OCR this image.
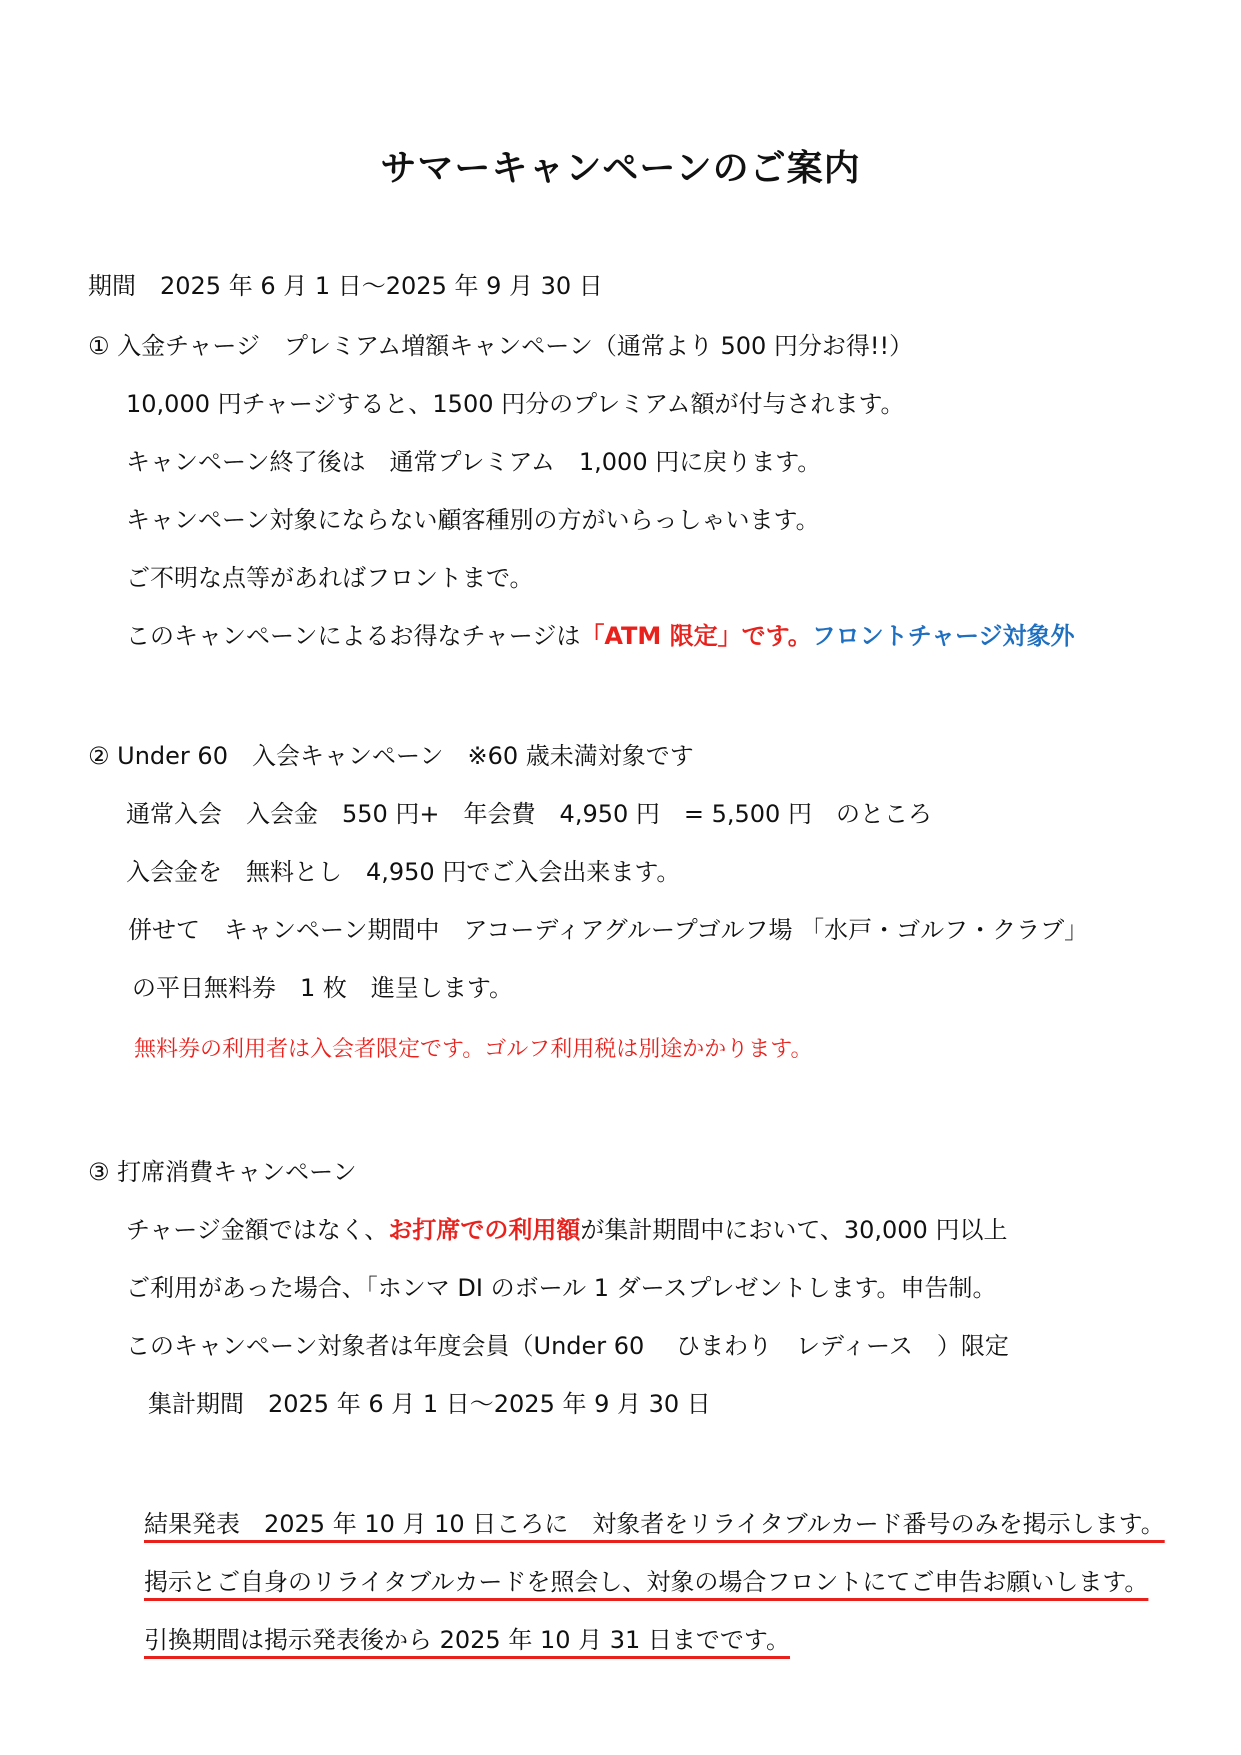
サマーキャンペーンのご案内
期間　2025 年 6 月 1 日～2025 年 9 月 30 日
① 入金チャージ　プレミアム増額キャンペーン（通常より 500 円分お得!!）
10,000 円チャージすると、1500 円分のプレミアム額が付与されます。
キャンペーン終了後は　通常プレミアム　1,000 円に戻ります。
キャンペーン対象にならない顧客種別の方がいらっしゃいます。
ご不明な点等があればフロントまで。
このキャンペーンによるお得なチャージは「ATM 限定」です。フロントチャージ対象外
② Under 60　入会キャンペーン　※60 歳未満対象です
通常入会　入会金　550 円+　年会費　4,950 円　= 5,500 円　のところ
入会金を　無料とし　4,950 円でご入会出来ます。
併せて　キャンペーン期間中　アコーディアグループゴルフ場 「水戸・ゴルフ・クラブ」
の平日無料券　1 枚　進呈します。
無料券の利用者は入会者限定です。ゴルフ利用税は別途かかります。
③ 打席消費キャンペーン
チャージ金額ではなく、お打席での利用額が集計期間中において、30,000 円以上
ご利用があった場合、「ホンマ DI のボール 1 ダースプレゼントします。申告制。
このキャンペーン対象者は年度会員（Under 60　 ひまわり　レディース　）限定
集計期間　2025 年 6 月 1 日～2025 年 9 月 30 日
結果発表　2025 年 10 月 10 日ころに　対象者をリライタブルカード番号のみを掲示します。
掲示とご自身のリライタブルカードを照会し、対象の場合フロントにてご申告お願いします。
引換期間は掲示発表後から 2025 年 10 月 31 日までです。
